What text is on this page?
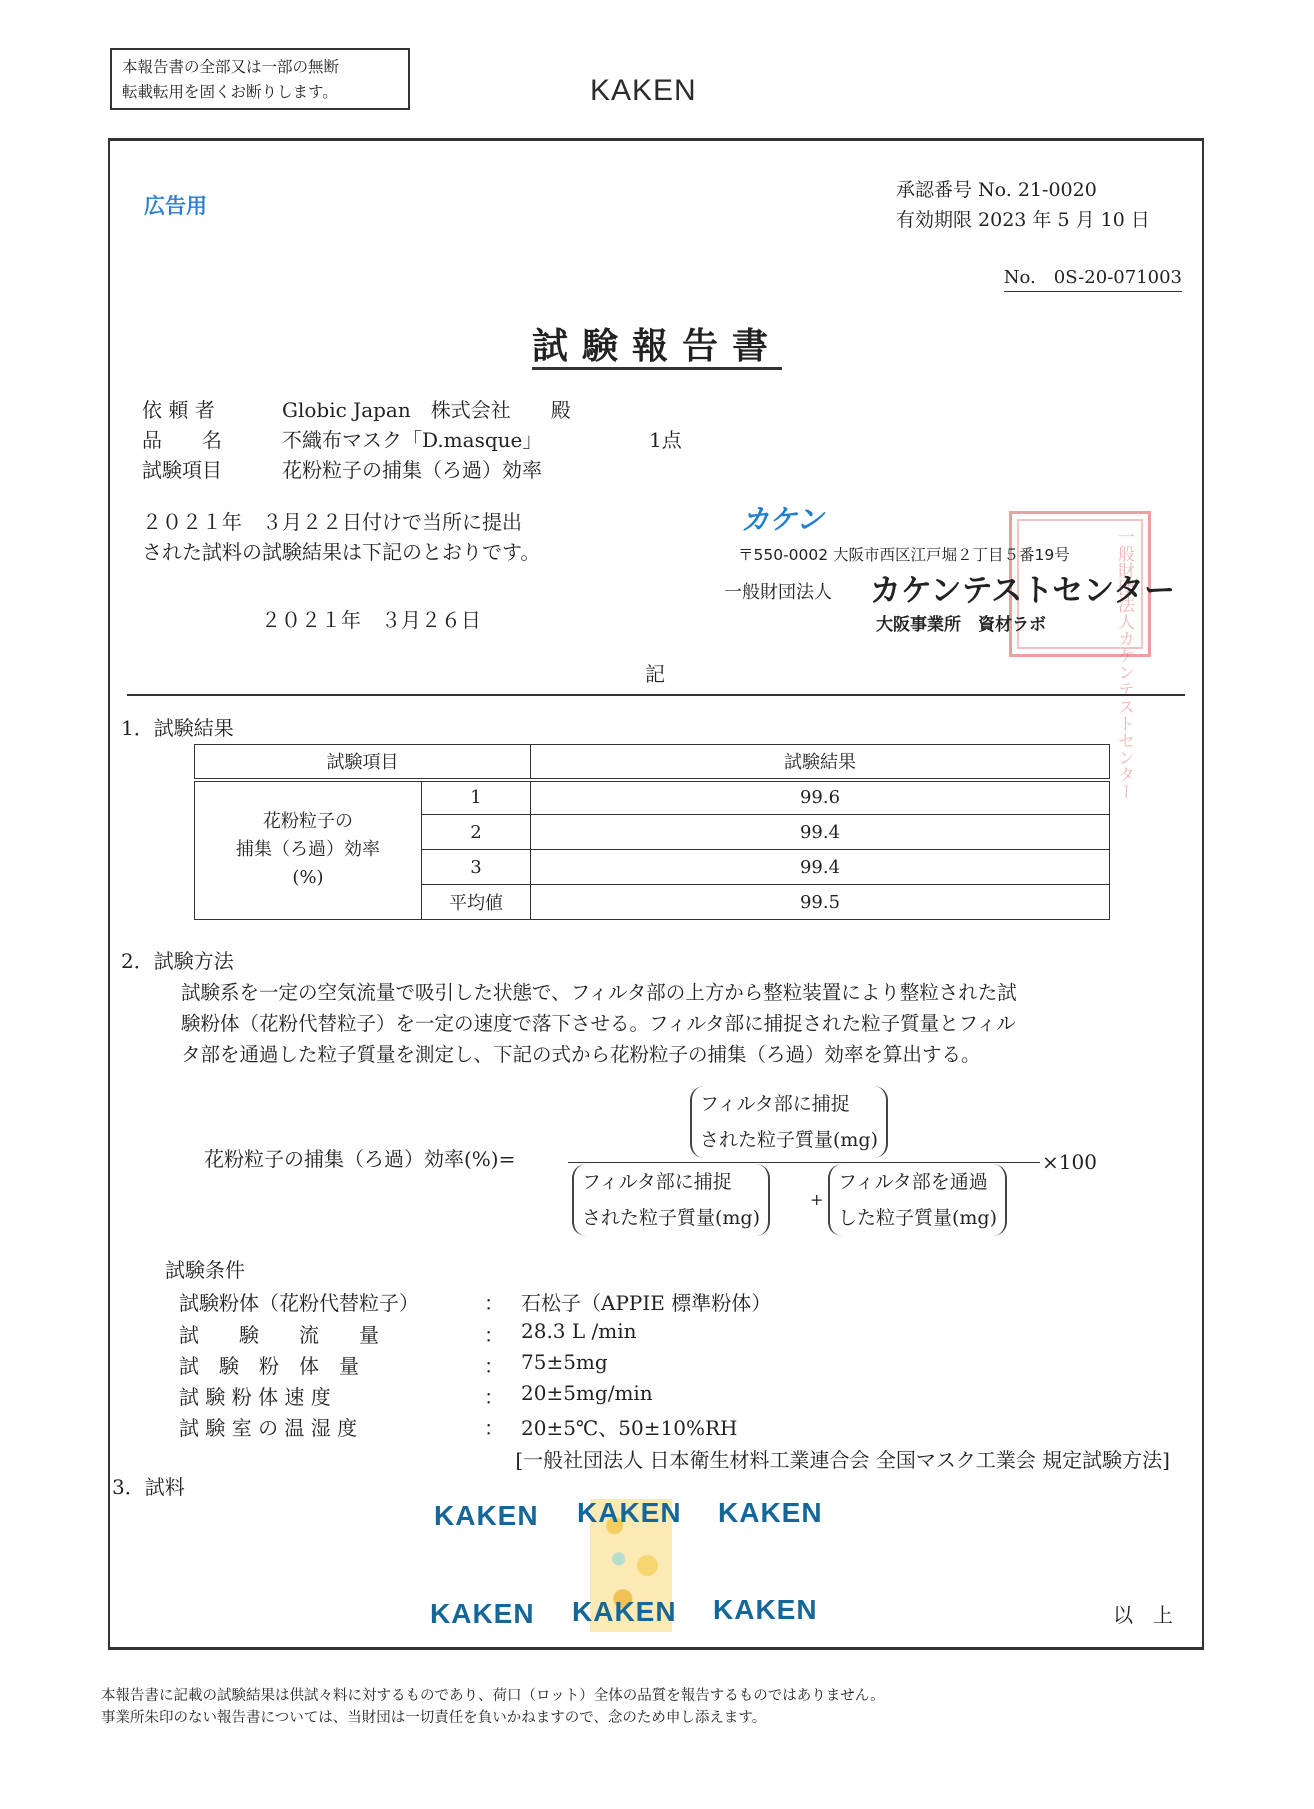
本報告書の全部又は一部の無断
転載転用を固くお断りします。	KAKEN
広告用
承認番号 No. 21-0020
有効期限 2023 年 5 月 10 日
No.　0S-20-071003
試験報告書
依 頼 者	Globic Japan　株式会社　　殿
品　　名	不織布マスク「D.masque」	1点
試験項目	花粉粒子の捕集（ろ過）効率
２０２１年　３月２２日付けで当所に提出
された試料の試験結果は下記のとおりです。
２０２１年　３月２６日	一般財団法人カケンテストセンター
カケン
〒550-0002 大阪市西区江戸堀２丁目５番19号
一般財団法人 カケンテストセンター
大阪事業所　資材ラボ
記
1．試験結果
試験項目		試験結果

花粉粒子の
捕集（ろ過）効率
(%)	1	99.6
	2	99.4
	3	99.4
	平均値	99.5
2．試験方法
試験系を一定の空気流量で吸引した状態で、フィルタ部の上方から整粒装置により整粒された試
験粉体（花粉代替粒子）を一定の速度で落下させる。フィルタ部に捕捉された粒子質量とフィル
タ部を通過した粒子質量を測定し、下記の式から花粉粒子の捕集（ろ過）効率を算出する。
花粉粒子の捕集（ろ過）効率(%)=
フィルタ部に捕捉
された粒子質量(mg)
フィルタ部に捕捉
された粒子質量(mg)
+
フィルタ部を通過
した粒子質量(mg)
×100
試験条件
試験粉体（花粉代替粒子）	： 石松子（APPIE 標準粉体）
試　　験　　流　　量	： 28.3 L /min
試　験　粉　体　量	： 75±5mg
試 験 粉 体 速 度	： 20±5mg/min
試 験 室 の 温 湿 度	： 20±5℃、50±10%RH
[一般社団法人 日本衛生材料工業連合会 全国マスク工業会 規定試験方法]
3．試料
KAKEN KAKEN KAKEN
KAKEN KAKEN KAKEN	以　上
本報告書に記載の試験結果は供試々料に対するものであり、荷口（ロット）全体の品質を報告するものではありません。
事業所朱印のない報告書については、当財団は一切責任を負いかねますので、念のため申し添えます。
